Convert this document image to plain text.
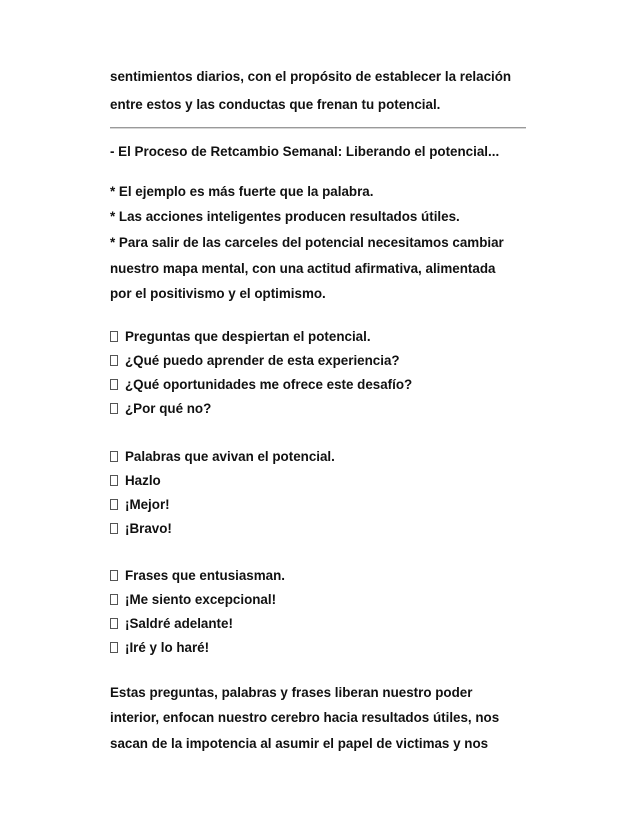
sentimientos diarios, con el propósito de establecer la relación
entre estos y las conductas que frenan tu potencial.
- El Proceso de Retcambio Semanal: Liberando el potencial...
* El ejemplo es más fuerte que la palabra.
* Las acciones inteligentes producen resultados útiles.
* Para salir de las carceles del potencial necesitamos cambiar
nuestro mapa mental, con una actitud afirmativa, alimentada
por el positivismo y el optimismo.
Preguntas que despiertan el potencial.
¿Qué puedo aprender de esta experiencia?
¿Qué oportunidades me ofrece este desafío?
¿Por qué no?
Palabras que avivan el potencial.
Hazlo
¡Mejor!
¡Bravo!
Frases que entusiasman.
¡Me siento excepcional!
¡Saldré adelante!
¡Iré y lo haré!
Estas preguntas, palabras y frases liberan nuestro poder
interior, enfocan nuestro cerebro hacia resultados útiles, nos
sacan de la impotencia al asumir el papel de victimas y nos
